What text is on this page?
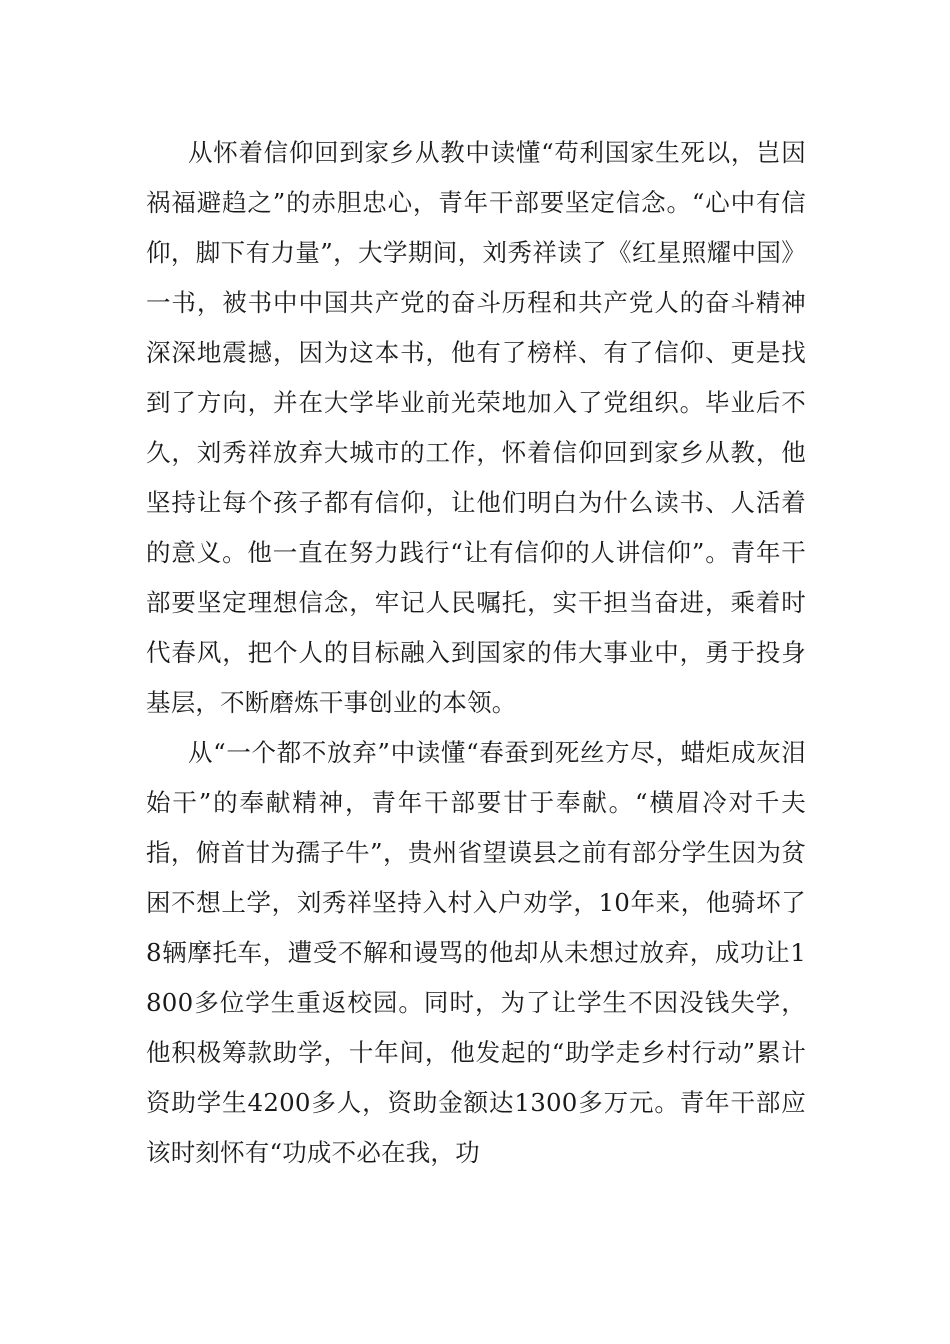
从怀着信仰回到家乡从教中读懂“苟利国家生死以，岂因祸福避趋之”的赤胆忠心，青年干部要坚定信念。“心中有信仰，脚下有力量”，大学期间，刘秀祥读了《红星照耀中国》一书，被书中中国共产党的奋斗历程和共产党人的奋斗精神深深地震撼，因为这本书，他有了榜样、有了信仰、更是找到了方向，并在大学毕业前光荣地加入了党组织。毕业后不久，刘秀祥放弃大城市的工作，怀着信仰回到家乡从教，他坚持让每个孩子都有信仰，让他们明白为什么读书、人活着的意义。他一直在努力践行“让有信仰的人讲信仰”。青年干部要坚定理想信念，牢记人民嘱托，实干担当奋进，乘着时代春风，把个人的目标融入到国家的伟大事业中，勇于投身基层，不断磨炼干事创业的本领。

从“一个都不放弃”中读懂“春蚕到死丝方尽，蜡炬成灰泪始干”的奉献精神，青年干部要甘于奉献。“横眉冷对千夫指，俯首甘为孺子牛”，贵州省望谟县之前有部分学生因为贫困不想上学，刘秀祥坚持入村入户劝学，10年来，他骑坏了8辆摩托车，遭受不解和谩骂的他却从未想过放弃，成功让1800多位学生重返校园。同时，为了让学生不因没钱失学，他积极筹款助学，十年间，他发起的“助学走乡村行动”累计资助学生4200多人，资助金额达1300多万元。青年干部应该时刻怀有“功成不必在我，功
